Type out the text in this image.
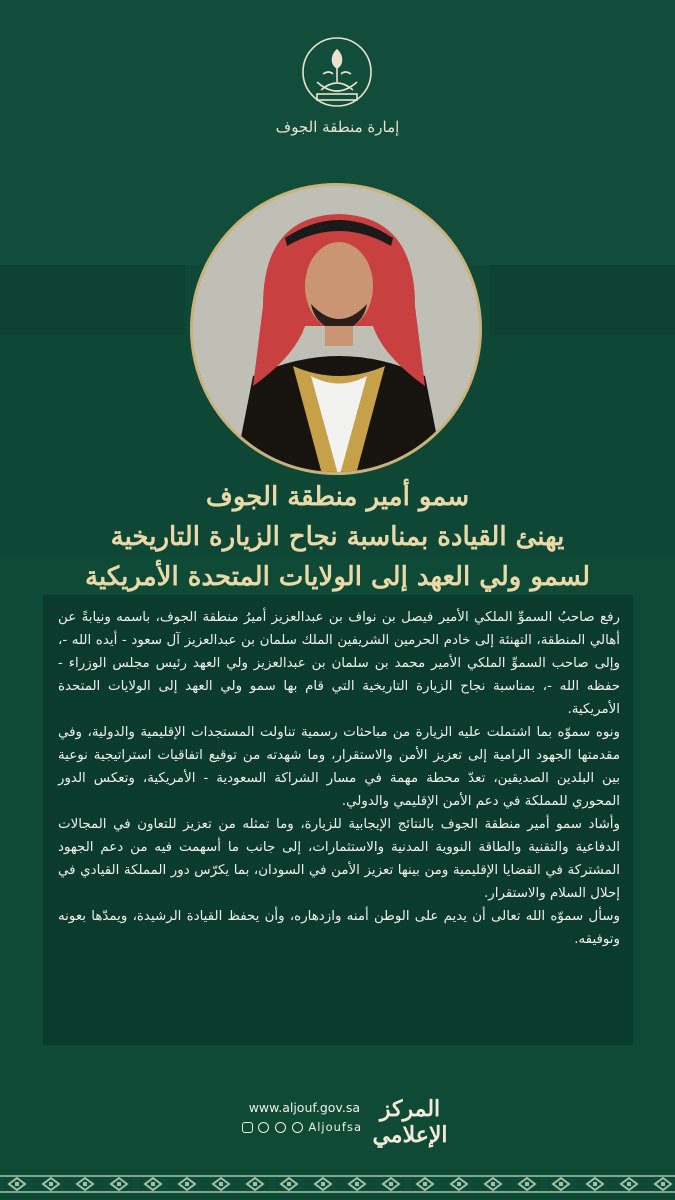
إمارة منطقة الجوف
سمو أمير منطقة الجوف
يهنئ القيادة بمناسبة نجاح الزيارة التاريخية
لسمو ولي العهد إلى الولايات المتحدة الأمريكية

رفع صاحبُ السموِّ الملكي الأمير فيصل بن نواف بن عبدالعزيز أميرُ منطقة الجوف، باسمه ونيابةً عن أهالي المنطقة، التهنئة إلى خادم الحرمين الشريفين الملك سلمان بن عبدالعزيز آل سعود - أيده الله -، وإلى صاحب السموِّ الملكي الأمير محمد بن سلمان بن عبدالعزيز ولي العهد رئيس مجلس الوزراء - حفظه الله -، بمناسبة نجاح الزيارة التاريخية التي قام بها سمو ولي العهد إلى الولايات المتحدة الأمريكية.

ونوه سموّه بما اشتملت عليه الزيارة من مباحثات رسمية تناولت المستجدات الإقليمية والدولية، وفي مقدمتها الجهود الرامية إلى تعزيز الأمن والاستقرار، وما شهدته من توقيع اتفاقيات استراتيجية نوعية بين البلدين الصديقين، تعدّ محطة مهمة في مسار الشراكة السعودية - الأمريكية، وتعكس الدور المحوري للمملكة في دعم الأمن الإقليمي والدولي.

وأشاد سمو أمير منطقة الجوف بالنتائج الإيجابية للزيارة، وما تمثله من تعزيز للتعاون في المجالات الدفاعية والتقنية والطاقة النووية المدنية والاستثمارات، إلى جانب ما أسهمت فيه من دعم الجهود المشتركة في القضايا الإقليمية ومن بينها تعزيز الأمن في السودان، بما يكرّس دور المملكة القيادي في إحلال السلام والاستقرار.

وسأل سموّه الله تعالى أن يديم على الوطن أمنه وازدهاره، وأن يحفظ القيادة الرشيدة، ويمدّها بعونه وتوفيقه.

المركز
الإعلامي
www.aljouf.gov.sa
Aljoufsa
